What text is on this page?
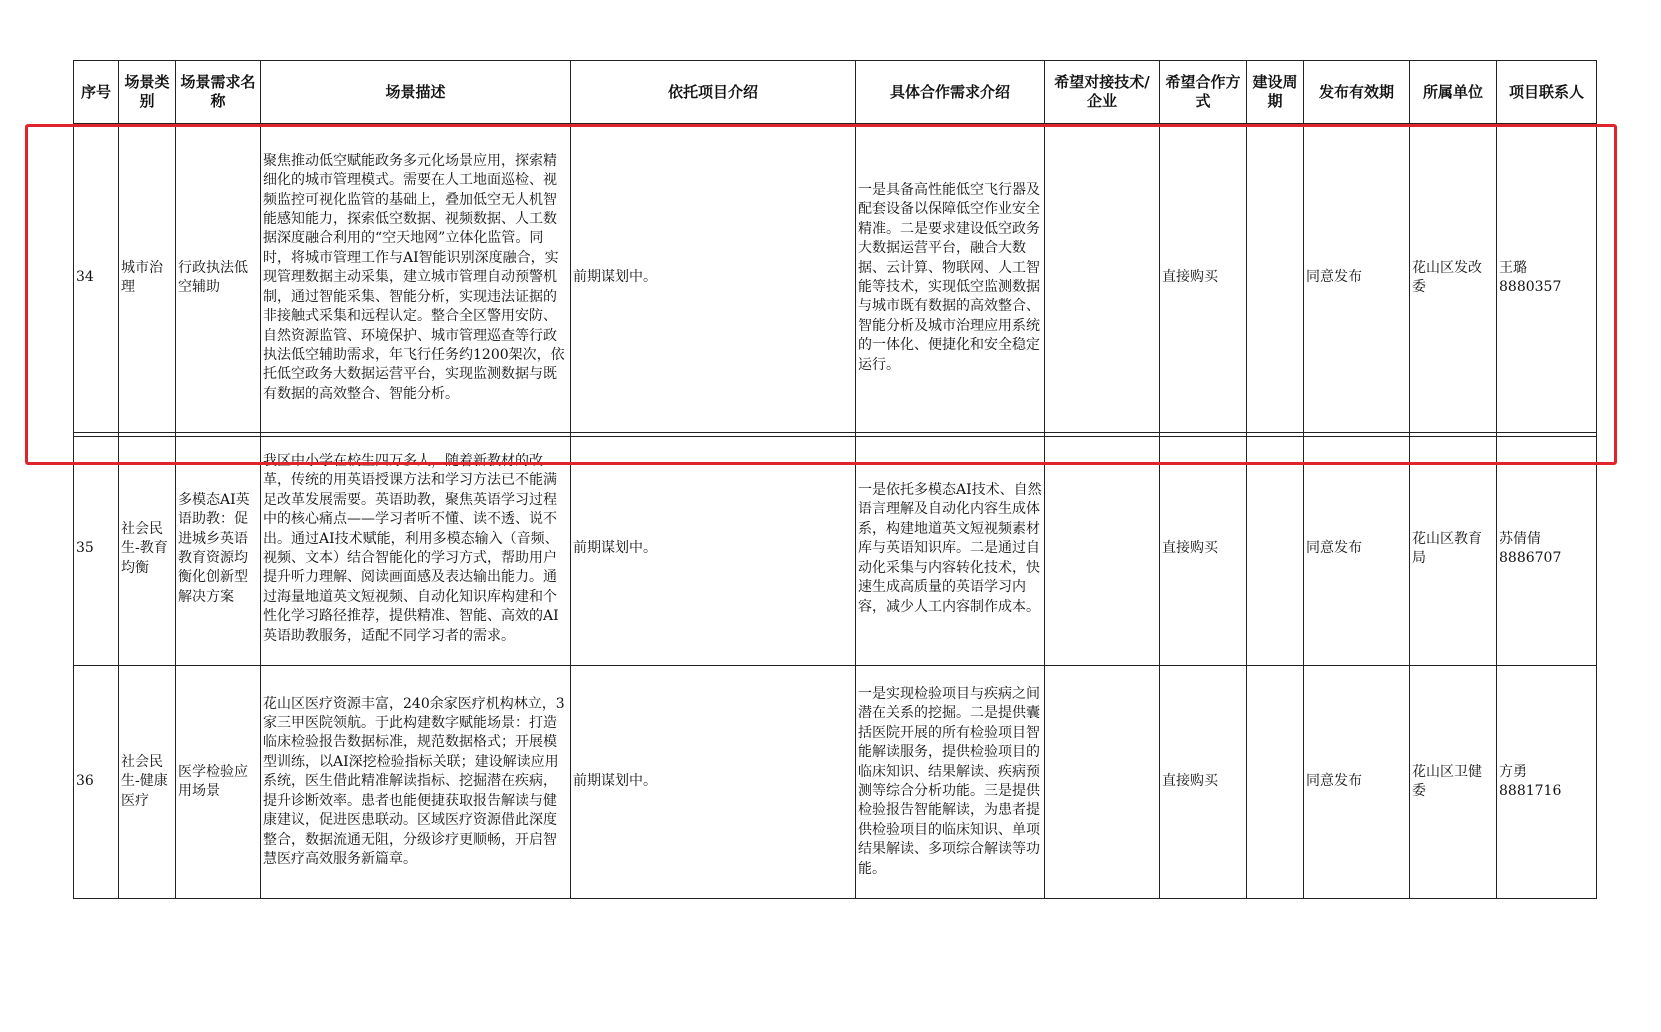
序号	场景类别	场景需求名称	场景描述	依托项目介绍	具体合作需求介绍	希望对接技术/企业	希望合作方式	建设周期	发布有效期	所属单位	项目联系人
34	城市治理	行政执法低空辅助	聚焦推动低空赋能政务多元化场景应用，探索精细化的城市管理模式。需要在人工地面巡检、视频监控可视化监管的基础上，叠加低空无人机智能感知能力，探索低空数据、视频数据、人工数据深度融合利用的“空天地网”立体化监管。同时，将城市管理工作与AI智能识别深度融合，实现管理数据主动采集，建立城市管理自动预警机制，通过智能采集、智能分析，实现违法证据的非接触式采集和远程认定。整合全区警用安防、自然资源监管、环境保护、城市管理巡查等行政执法低空辅助需求，年飞行任务约1200架次，依托低空政务大数据运营平台，实现监测数据与既有数据的高效整合、智能分析。	前期谋划中。	一是具备高性能低空飞行器及配套设备以保障低空作业安全精准。二是要求建设低空政务大数据运营平台，融合大数据、云计算、物联网、人工智能等技术，实现低空监测数据与城市既有数据的高效整合、智能分析及城市治理应用系统的一体化、便捷化和安全稳定运行。		直接购买		同意发布	花山区发改委	王璐
8880357

35	社会民生-教育均衡	多模态AI英语助教：促进城乡英语教育资源均衡化创新型解决方案	我区中小学在校生四万多人，随着新教材的改革，传统的用英语授课方法和学习方法已不能满足改革发展需要。英语助教，聚焦英语学习过程中的核心痛点——学习者听不懂、读不透、说不出。通过AI技术赋能，利用多模态输入（音频、视频、文本）结合智能化的学习方式，帮助用户提升听力理解、阅读画面感及表达输出能力。通过海量地道英文短视频、自动化知识库构建和个性化学习路径推荐，提供精准、智能、高效的AI英语助教服务，适配不同学习者的需求。	前期谋划中。	一是依托多模态AI技术、自然语言理解及自动化内容生成体系，构建地道英文短视频素材库与英语知识库。二是通过自动化采集与内容转化技术，快速生成高质量的英语学习内容，减少人工内容制作成本。		直接购买		同意发布	花山区教育局	苏倩倩
8886707

36	社会民生-健康医疗	医学检验应用场景	花山区医疗资源丰富，240余家医疗机构林立，3家三甲医院领航。于此构建数字赋能场景：打造临床检验报告数据标准，规范数据格式；开展模型训练，以AI深挖检验指标关联；建设解读应用系统，医生借此精准解读指标、挖掘潜在疾病，提升诊断效率。患者也能便捷获取报告解读与健康建议，促进医患联动。区域医疗资源借此深度整合，数据流通无阻，分级诊疗更顺畅，开启智慧医疗高效服务新篇章。	前期谋划中。	一是实现检验项目与疾病之间潜在关系的挖掘。二是提供囊括医院开展的所有检验项目智能解读服务，提供检验项目的临床知识、结果解读、疾病预测等综合分析功能。三是提供检验报告智能解读，为患者提供检验项目的临床知识、单项结果解读、多项综合解读等功能。		直接购买		同意发布	花山区卫健委	方勇
8881716
